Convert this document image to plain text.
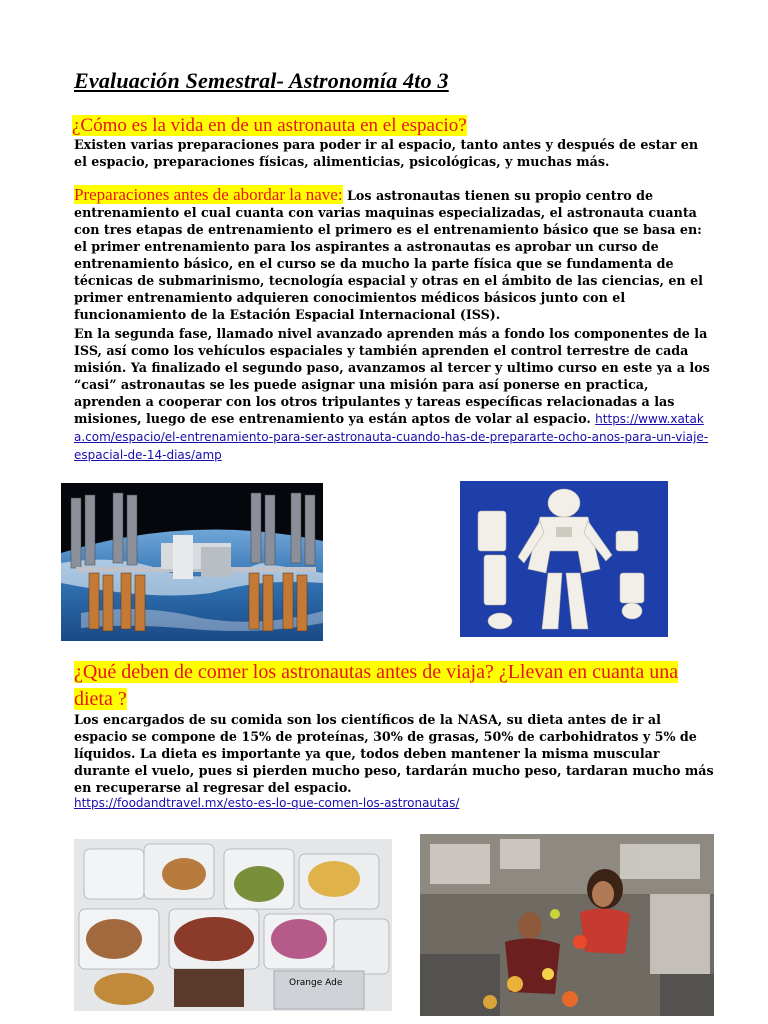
Evaluación Semestral- Astronomía 4to 3
¿Cómo es la vida en de un astronauta en el espacio?
Existen varias preparaciones para poder ir al espacio, tanto antes y después de estar en el espacio, preparaciones físicas, alimenticias, psicológicas, y muchas más.
Preparaciones antes de abordar la nave: Los astronautas tienen su propio centro de entrenamiento el cual cuanta con varias maquinas especializadas, el astronauta cuanta con tres etapas de entrenamiento el primero es el entrenamiento básico que se basa en: el primer entrenamiento para los aspirantes a astronautas es aprobar un curso de entrenamiento básico, en el curso se da mucho la parte física que se fundamenta de técnicas de submarinismo, tecnología espacial y otras en el ámbito de las ciencias, en el primer entrenamiento adquieren conocimientos médicos básicos junto con el funcionamiento de la Estación Espacial Internacional (ISS).
En la segunda fase, llamado nivel avanzado aprenden más a fondo los componentes de la ISS, así como los vehículos espaciales y también aprenden el control terrestre de cada misión. Ya finalizado el segundo paso, avanzamos al tercer y ultimo curso en este ya a los “casi” astronautas se les puede asignar una misión para así ponerse en practica, aprenden a cooperar con los otros tripulantes y tareas específicas relacionadas a las misiones, luego de ese entrenamiento ya están aptos de volar al espacio. https://www.xataka.com/espacio/el-entrenamiento-para-ser-astronauta-cuando-has-de-prepararte-ocho-anos-para-un-viaje-espacial-de-14-dias/amp
¿Qué deben de comer los astronautas antes de viaja? ¿Llevan en cuanta una dieta ?
Los encargados de su comida son los científicos de la NASA, su dieta antes de ir al espacio se compone de 15% de proteínas, 30% de grasas, 50% de carbohidratos y 5% de líquidos. La dieta es importante ya que, todos deben mantener la misma muscular durante el vuelo, pues si pierden mucho peso, tardarán mucho peso, tardaran mucho más en recuperarse al regresar del espacio.
https://foodandtravel.mx/esto-es-lo-que-comen-los-astronautas/
Orange Ade
